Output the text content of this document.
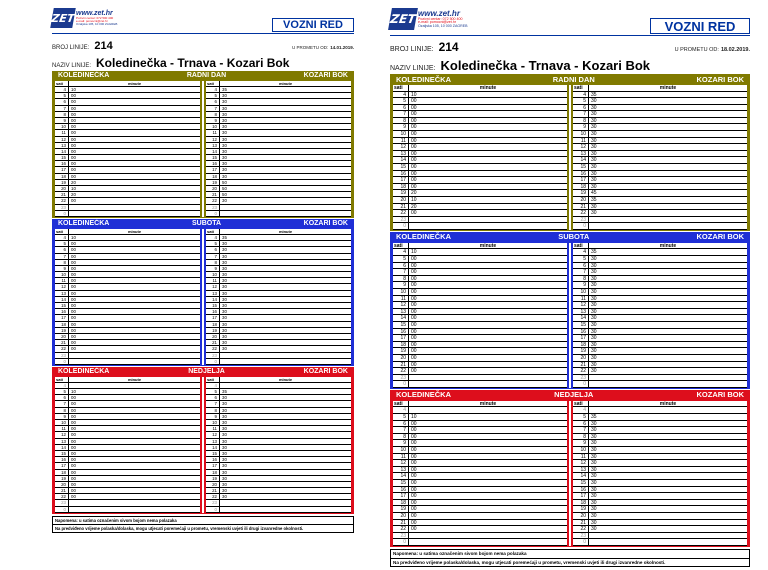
ZET www.zet.hr
Pozivni centar: 072 500 400
e-mail: pomocni@zet.hr
Ozaljska 105, 10 000 ZAGREB	VOZNI RED
BROJ LINIJE: 214	U PROMETU OD: 14.01.2019.
NAZIV LINIJE: Koledinečka - Trnava - Kozari Bok
KOLEDINEČKA	RADNI DAN	KOZARI BOK
sati	minute
4	10
5	00
6	00
7	00
8	00
9	00
10	00
11	00
12	00
13	00
14	00
15	00
16	00
17	00
18	00
19	20
20	10
21	20
22	00
23
0
sati	minute
4	35
5	30
6	30
7	30
8	30
9	30
10	30
11	30
12	30
13	30
14	30
15	30
16	30
17	30
18	30
19	50
20	50
21	50
22	30
23
0
KOLEDINEČKA	SUBOTA	KOZARI BOK
sati	minute
4	10
5	00
6	00
7	00
8	00
9	00
10	00
11	00
12	00
13	00
14	00
15	00
16	00
17	00
18	00
19	00
20	00
21	00
22	00
23
0
sati	minute
4	35
5	30
6	30
7	30
8	30
9	30
10	30
11	30
12	30
13	30
14	30
15	30
16	30
17	30
18	30
19	30
20	30
21	30
22	30
23
0
KOLEDINEČKA	NEDJELJA	KOZARI BOK
sati	minute
4
5	10
6	00
7	00
8	00
9	00
10	00
11	00
12	00
13	00
14	00
15	00
16	00
17	00
18	00
19	00
20	00
21	00
22	00
23
0
sati	minute
4
5	35
6	30
7	30
8	30
9	30
10	30
11	30
12	30
13	30
14	30
15	30
16	30
17	30
18	30
19	30
20	30
21	30
22	30
23
0
Napomena: u satima označenim sivom bojom nema polazaka
Na predviđeno vrijeme polaska/dolaska, mogu utjecati poremećaji u prometu, vremenski uvjeti ili drugi izvanredne okolnosti.
ZET www.zet.hr
Pozivni centar: 072 500 400
e-mail: pomocni@zet.hr
Ozaljska 105, 10 000 ZAGREB	VOZNI RED
BROJ LINIJE: 214	U PROMETU OD: 18.02.2019.
NAZIV LINIJE: Koledinečka - Trnava - Kozari Bok
KOLEDINEČKA	RADNI DAN	KOZARI BOK
sati	minute
4	10
5	00
6	00
7	00
8	00
9	00
10	00
11	00
12	00
13	00
14	00
15	00
16	00
17	00
18	00
19	20
20	10
21	20
22	00
23
0
sati	minute
4	35
5	30
6	30
7	30
8	30
9	30
10	30
11	30
12	30
13	30
14	30
15	30
16	30
17	30
18	30
19	45
20	35
21	30
22	30
23
0
KOLEDINEČKA	SUBOTA	KOZARI BOK
sati	minute
4	10
5	00
6	00
7	00
8	00
9	00
10	00
11	00
12	00
13	00
14	00
15	00
16	00
17	00
18	00
19	00
20	00
21	00
22	00
23
0
sati	minute
4	35
5	30
6	30
7	30
8	30
9	30
10	30
11	30
12	30
13	30
14	30
15	30
16	30
17	30
18	30
19	30
20	30
21	30
22	30
23
0
KOLEDINEČKA	NEDJELJA	KOZARI BOK
sati	minute
4
5	10
6	00
7	00
8	00
9	00
10	00
11	00
12	00
13	00
14	00
15	00
16	00
17	00
18	00
19	00
20	00
21	00
22	00
23
0
sati	minute
4
5	35
6	30
7	30
8	30
9	30
10	30
11	30
12	30
13	30
14	30
15	30
16	30
17	30
18	30
19	30
20	30
21	30
22	30
23
0
Napomena: u satima označenim sivom bojom nema polazaka
Na predviđeno vrijeme polaska/dolaska, mogu utjecati poremećaji u prometu, vremenski uvjeti ili drugi izvanredne okolnosti.
